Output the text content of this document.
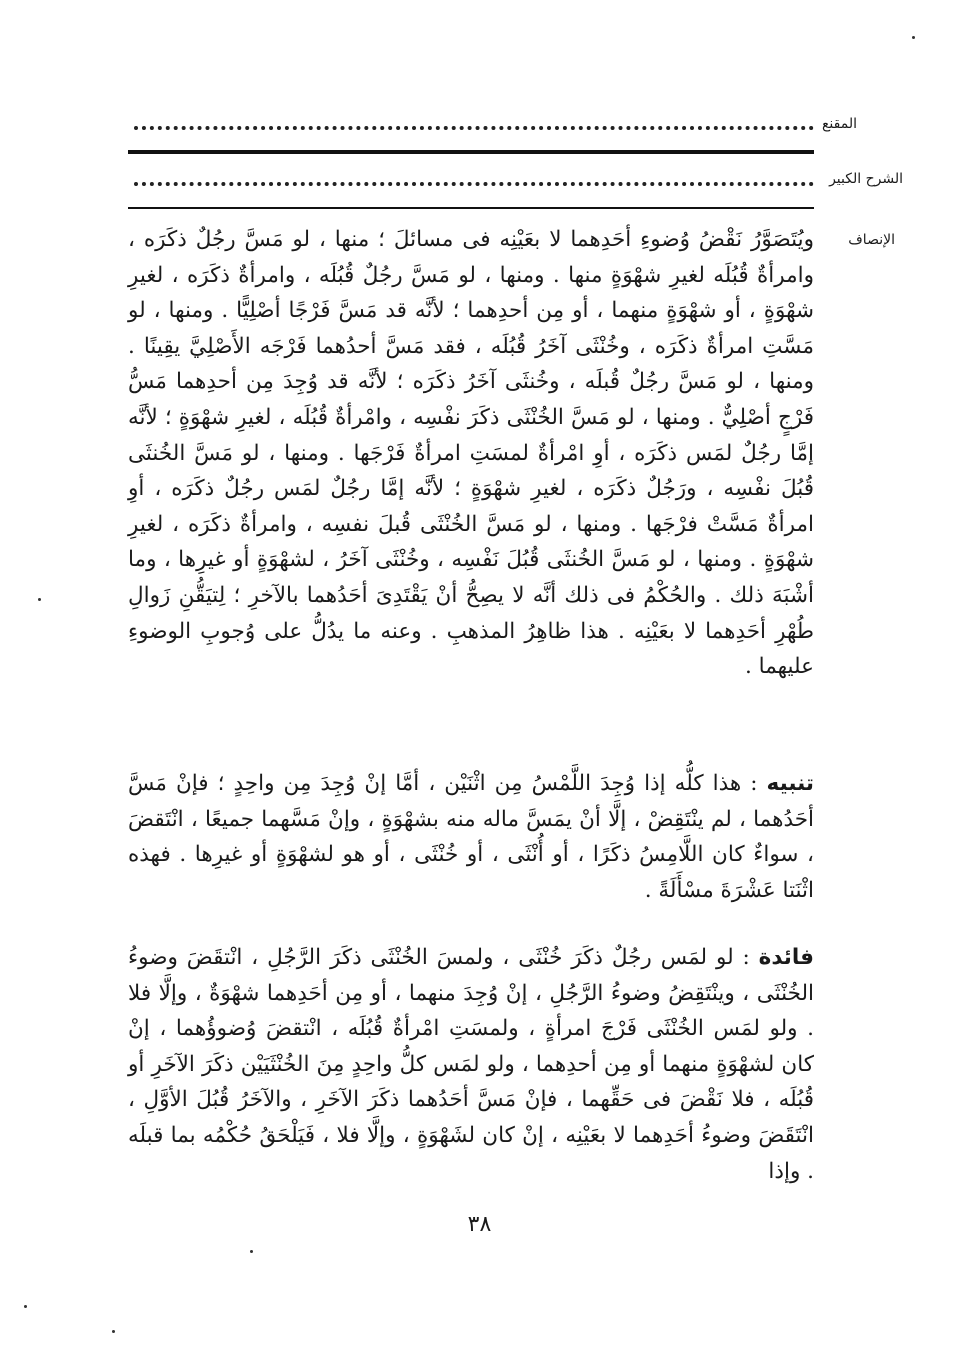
المقنع
الشرح الكبير
الإنصاف

ويُتَصَوَّرُ نَقْضُ وُضوءِ أحَدِهما لا بعَيْنِه فى مسائلَ ؛ منها ، لو مَسَّ رجُلٌ ذكَرَه ، وامرأةٌ قُبُلَه لغيرِ شهْوَةٍ منها . ومنها ، لو مَسَّ رجُلٌ قُبُلَه ، وامرأةٌ ذكَرَه ، لغيرِ شهْوَةٍ ، أو شهْوَةٍ منهما ، أو مِن أحدِهما ؛ لأنَّه قد مَسَّ فَرْجًا أصْلِيًّا . ومنها ، لو مَسَّتِ امرأةٌ ذكَرَه ، وخُنْثَى آخَرُ قُبُلَه ، فقد مَسَّ أحدُهما فَرْجَه الأَصْلِيَّ يقِينًا . ومنها ، لو مَسَّ رجُلٌ قُبلَه ، وخُنثَى آخَرُ ذكَرَه ؛ لأنَّه قد وُجِدَ مِن أحدِهما مَسُّ فَرْجٍ أصْلِيٌّ . ومنها ، لو مَسَّ الخُنْثَى ذكَرَ نفْسِه ، وامْرأةٌ قُبُلَه ، لغيرِ شهْوَةٍ ؛ لأنَّه إمَّا رجُلٌ لمَس ذكَرَه ، أوِ امْرأةٌ لمسَتِ امرأةٌ فَرْجَها . ومنها ، لو مَسَّ الخُنثَى قُبُلَ نفْسِه ، ورَجُلٌ ذكَرَه ، لغيرِ شهْوَةٍ ؛ لأنَّه إمَّا رجُلٌ لمَس رجُلٌ ذكَرَه ، أوِ امرأةٌ مَسَّتْ فرْجَها . ومنها ، لو مَسَّ الخُنْثَى قُبلَ نفسِه ، وامرأةٌ ذكَرَه ، لغيرِ شهْوَةٍ . ومنها ، لو مَسَّ الخُنثَى قُبُلَ نَفْسِه ، وخُنْثَى آخَرُ ، لشهْوَةٍ أو غيرِها ، وما أشْبَهَ ذلك . والحُكْمُ فى ذلك أنَّه لا يصِحُّ أنْ يَقْتَدِىَ أحَدُهما بالآخرِ ؛ لِتيَقُّنِ زَوالِ طُهْرِ أحَدِهما لا بعَيْنِه . هذا ظاهِرُ المذهبِ . وعنه ما يدُلُّ على وُجوبِ الوضوءِ عليهما .

تنبيه : هذا كلُّه إذا وُجِدَ اللَّمْسُ مِن اثْنَيْن ، أمَّا إنْ وُجِدَ مِن واحِدٍ ؛ فإنْ مَسَّ أحَدُهما ، لم ينْتَقِضْ ، إلَّا أنْ يمَسَّ ماله منه بشهْوَةٍ ، وإنْ مَسَّهما جميعًا ، انْتَقضَ ، سواءٌ كان اللَّامِسُ ذكَرًا ، أو أُنْثَى ، أو خُنْثَى ، أو هو لشهْوَةٍ أو غيرِها . فهذه اثْنَتا عَشْرَةَ مسْأَلَةً .

فائدة : لو لمَس رجُلٌ ذكَرَ خُنْثَى ، ولمسَ الخُنْثَى ذكَرَ الرَّجُلِ ، انْتقَضَ وضوءُ الخُنْثَى ، وينْتَقِضُ وضوءُ الرَّجُلِ ، إنْ وُجِدَ منهما ، أو مِن أحَدِهما شهْوَةٌ ، وإلَّا فلا . ولو لمَس الخُنْثَى فَرْجَ امرأةٍ ، ولمسَتِ امْرأةٌ قُبُلَه ، انْتقضَ وُضوؤُهما ، إنْ كان لشهْوَةٍ منهما أو مِن أحدِهما ، ولو لمَس كلُّ واحِدٍ مِنَ الخُنْثَيَيْن ذكَرَ الآخَرِ أو قُبُلَه ، فلا نَقْضَ فى حَقِّهما ، فإنْ مَسَّ أحَدُهما ذكَرَ الآخَرِ ، والآخَرُ قُبُلَ الأوَّلِ ، انْتَقَضَ وضوءُ أحَدِهما لا بعَيْنِه ، إنْ كان لشَهْوَةٍ ، وإلَّا فلا ، فَيَلْحَقُ حُكْمُه بما قبلَه . وإذا

٣٨
